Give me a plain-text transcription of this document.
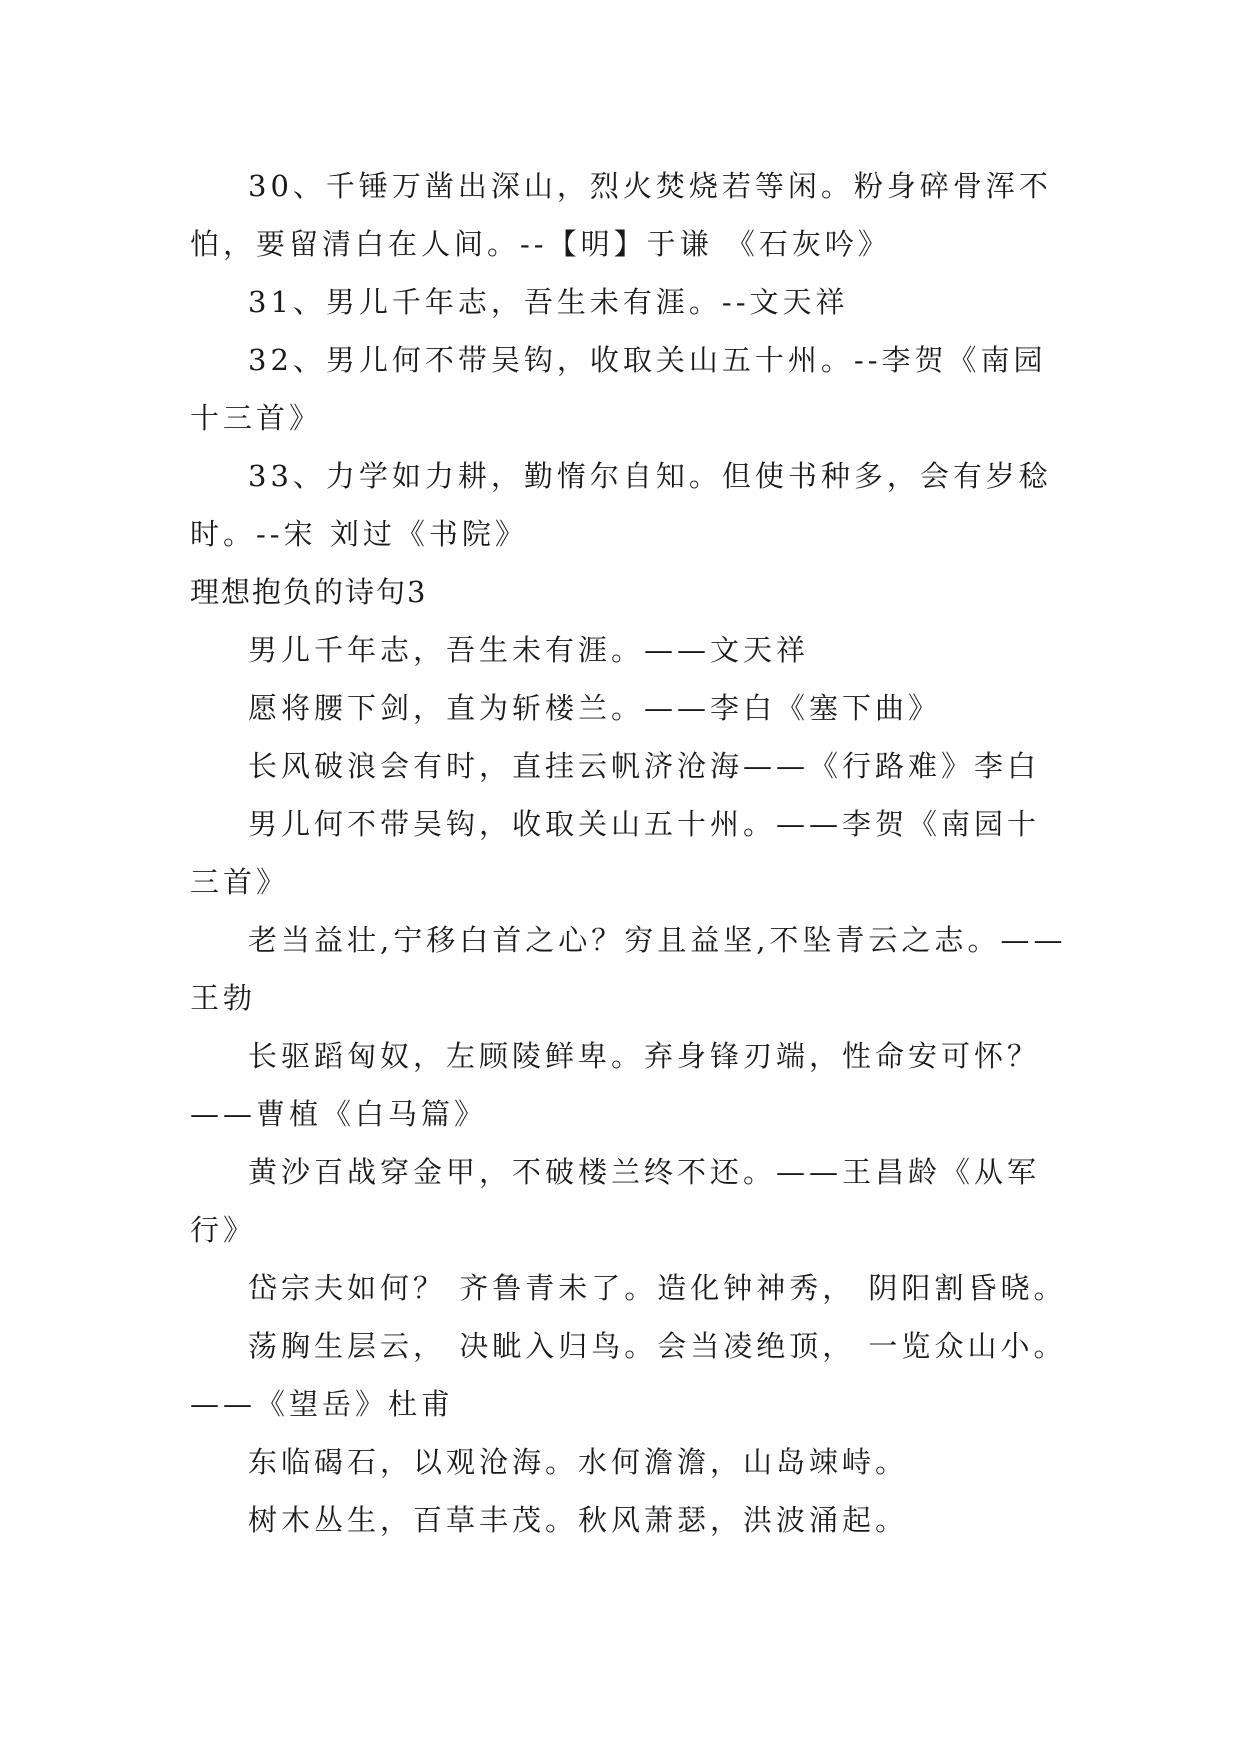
30、千锤万凿出深山，烈火焚烧若等闲。粉身碎骨浑不怕，要留清白在人间。--【明】于谦 《石灰吟》

31、男儿千年志，吾生未有涯。--文天祥

32、男儿何不带吴钩，收取关山五十州。--李贺《南园十三首》

33、力学如力耕，勤惰尔自知。但使书种多，会有岁稔时。--宋 刘过《书院》

理想抱负的诗句3

男儿千年志，吾生未有涯。——文天祥

愿将腰下剑，直为斩楼兰。——李白《塞下曲》

长风破浪会有时，直挂云帆济沧海——《行路难》李白

男儿何不带吴钩，收取关山五十州。——李贺《南园十三首》

老当益壮,宁移白首之心？穷且益坚,不坠青云之志。——王勃

长驱蹈匈奴，左顾陵鲜卑。弃身锋刃端，性命安可怀？——曹植《白马篇》

黄沙百战穿金甲，不破楼兰终不还。——王昌龄《从军行》

岱宗夫如何？ 齐鲁青未了。造化钟神秀， 阴阳割昏晓。

荡胸生层云， 决眦入归鸟。会当凌绝顶， 一览众山小。——《望岳》杜甫

东临碣石，以观沧海。水何澹澹，山岛竦峙。

树木丛生，百草丰茂。秋风萧瑟，洪波涌起。
